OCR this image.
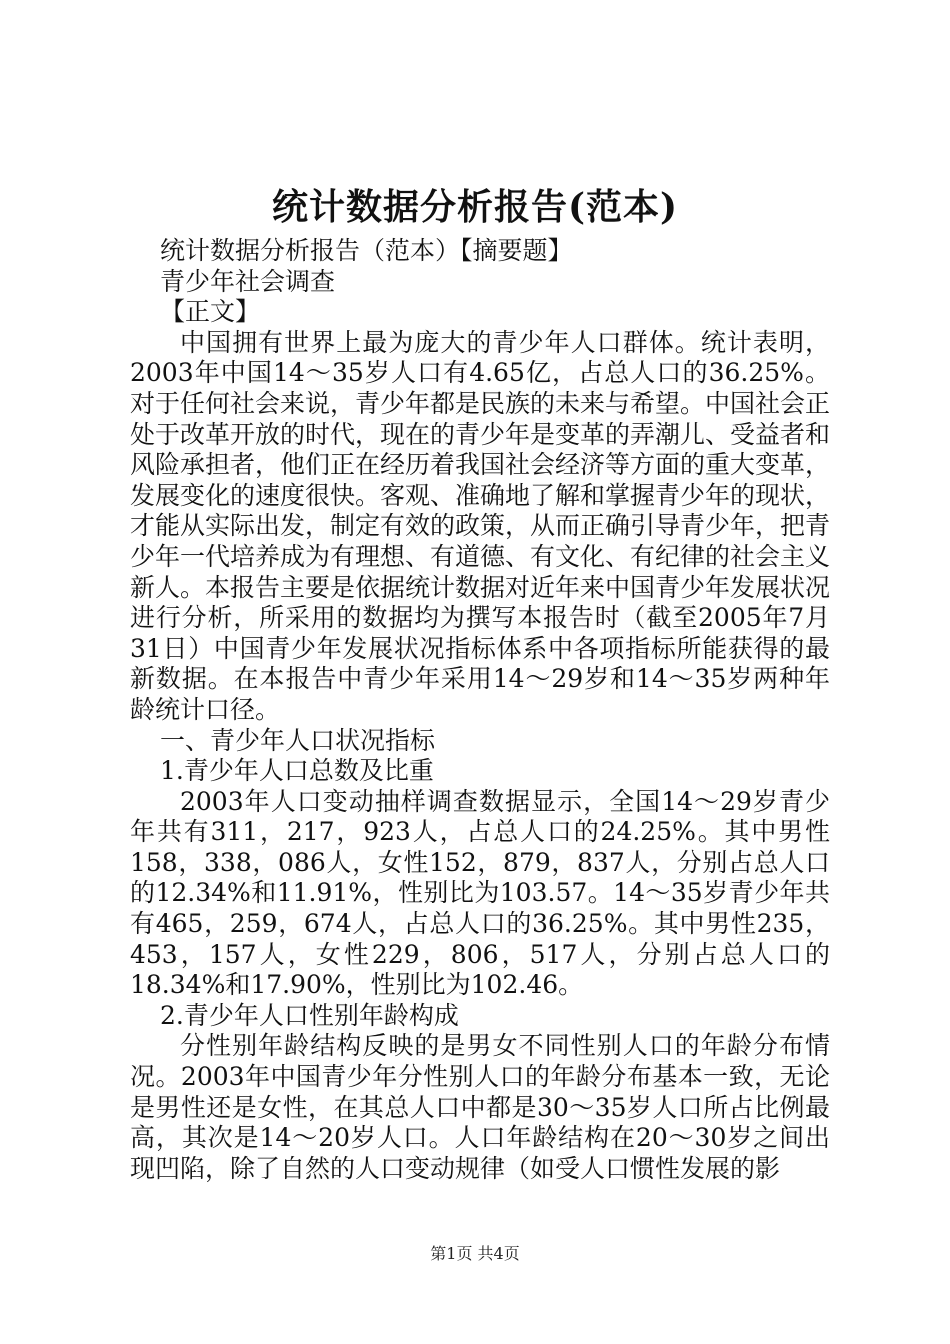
统计数据分析报告(范本)

统计数据分析报告（范本）【摘要题】

青少年社会调查

【正文】

中国拥有世界上最为庞大的青少年人口群体。统计表明，2003年中国14～35岁人口有4.65亿，占总人口的36.25%。对于任何社会来说，青少年都是民族的未来与希望。中国社会正处于改革开放的时代，现在的青少年是变革的弄潮儿、受益者和风险承担者，他们正在经历着我国社会经济等方面的重大变革，发展变化的速度很快。客观、准确地了解和掌握青少年的现状，才能从实际出发，制定有效的政策，从而正确引导青少年，把青少年一代培养成为有理想、有道德、有文化、有纪律的社会主义新人。本报告主要是依据统计数据对近年来中国青少年发展状况进行分析，所采用的数据均为撰写本报告时（截至2005年7月31日）中国青少年发展状况指标体系中各项指标所能获得的最新数据。在本报告中青少年采用14～29岁和14～35岁两种年龄统计口径。

一、青少年人口状况指标

1.青少年人口总数及比重

2003年人口变动抽样调查数据显示，全国14～29岁青少年共有311，217，923人，占总人口的24.25%。其中男性158，338，086人，女性152，879，837人，分别占总人口的12.34%和11.91%，性别比为103.57。14～35岁青少年共有465，259，674人，占总人口的36.25%。其中男性235，453，157人，女性229，806，517人，分别占总人口的18.34%和17.90%，性别比为102.46。

2.青少年人口性别年龄构成

分性别年龄结构反映的是男女不同性别人口的年龄分布情况。2003年中国青少年分性别人口的年龄分布基本一致，无论是男性还是女性，在其总人口中都是30～35岁人口所占比例最高，其次是14～20岁人口。人口年龄结构在20～30岁之间出现凹陷，除了自然的人口变动规律（如受人口惯性发展的影

第1页 共4页
